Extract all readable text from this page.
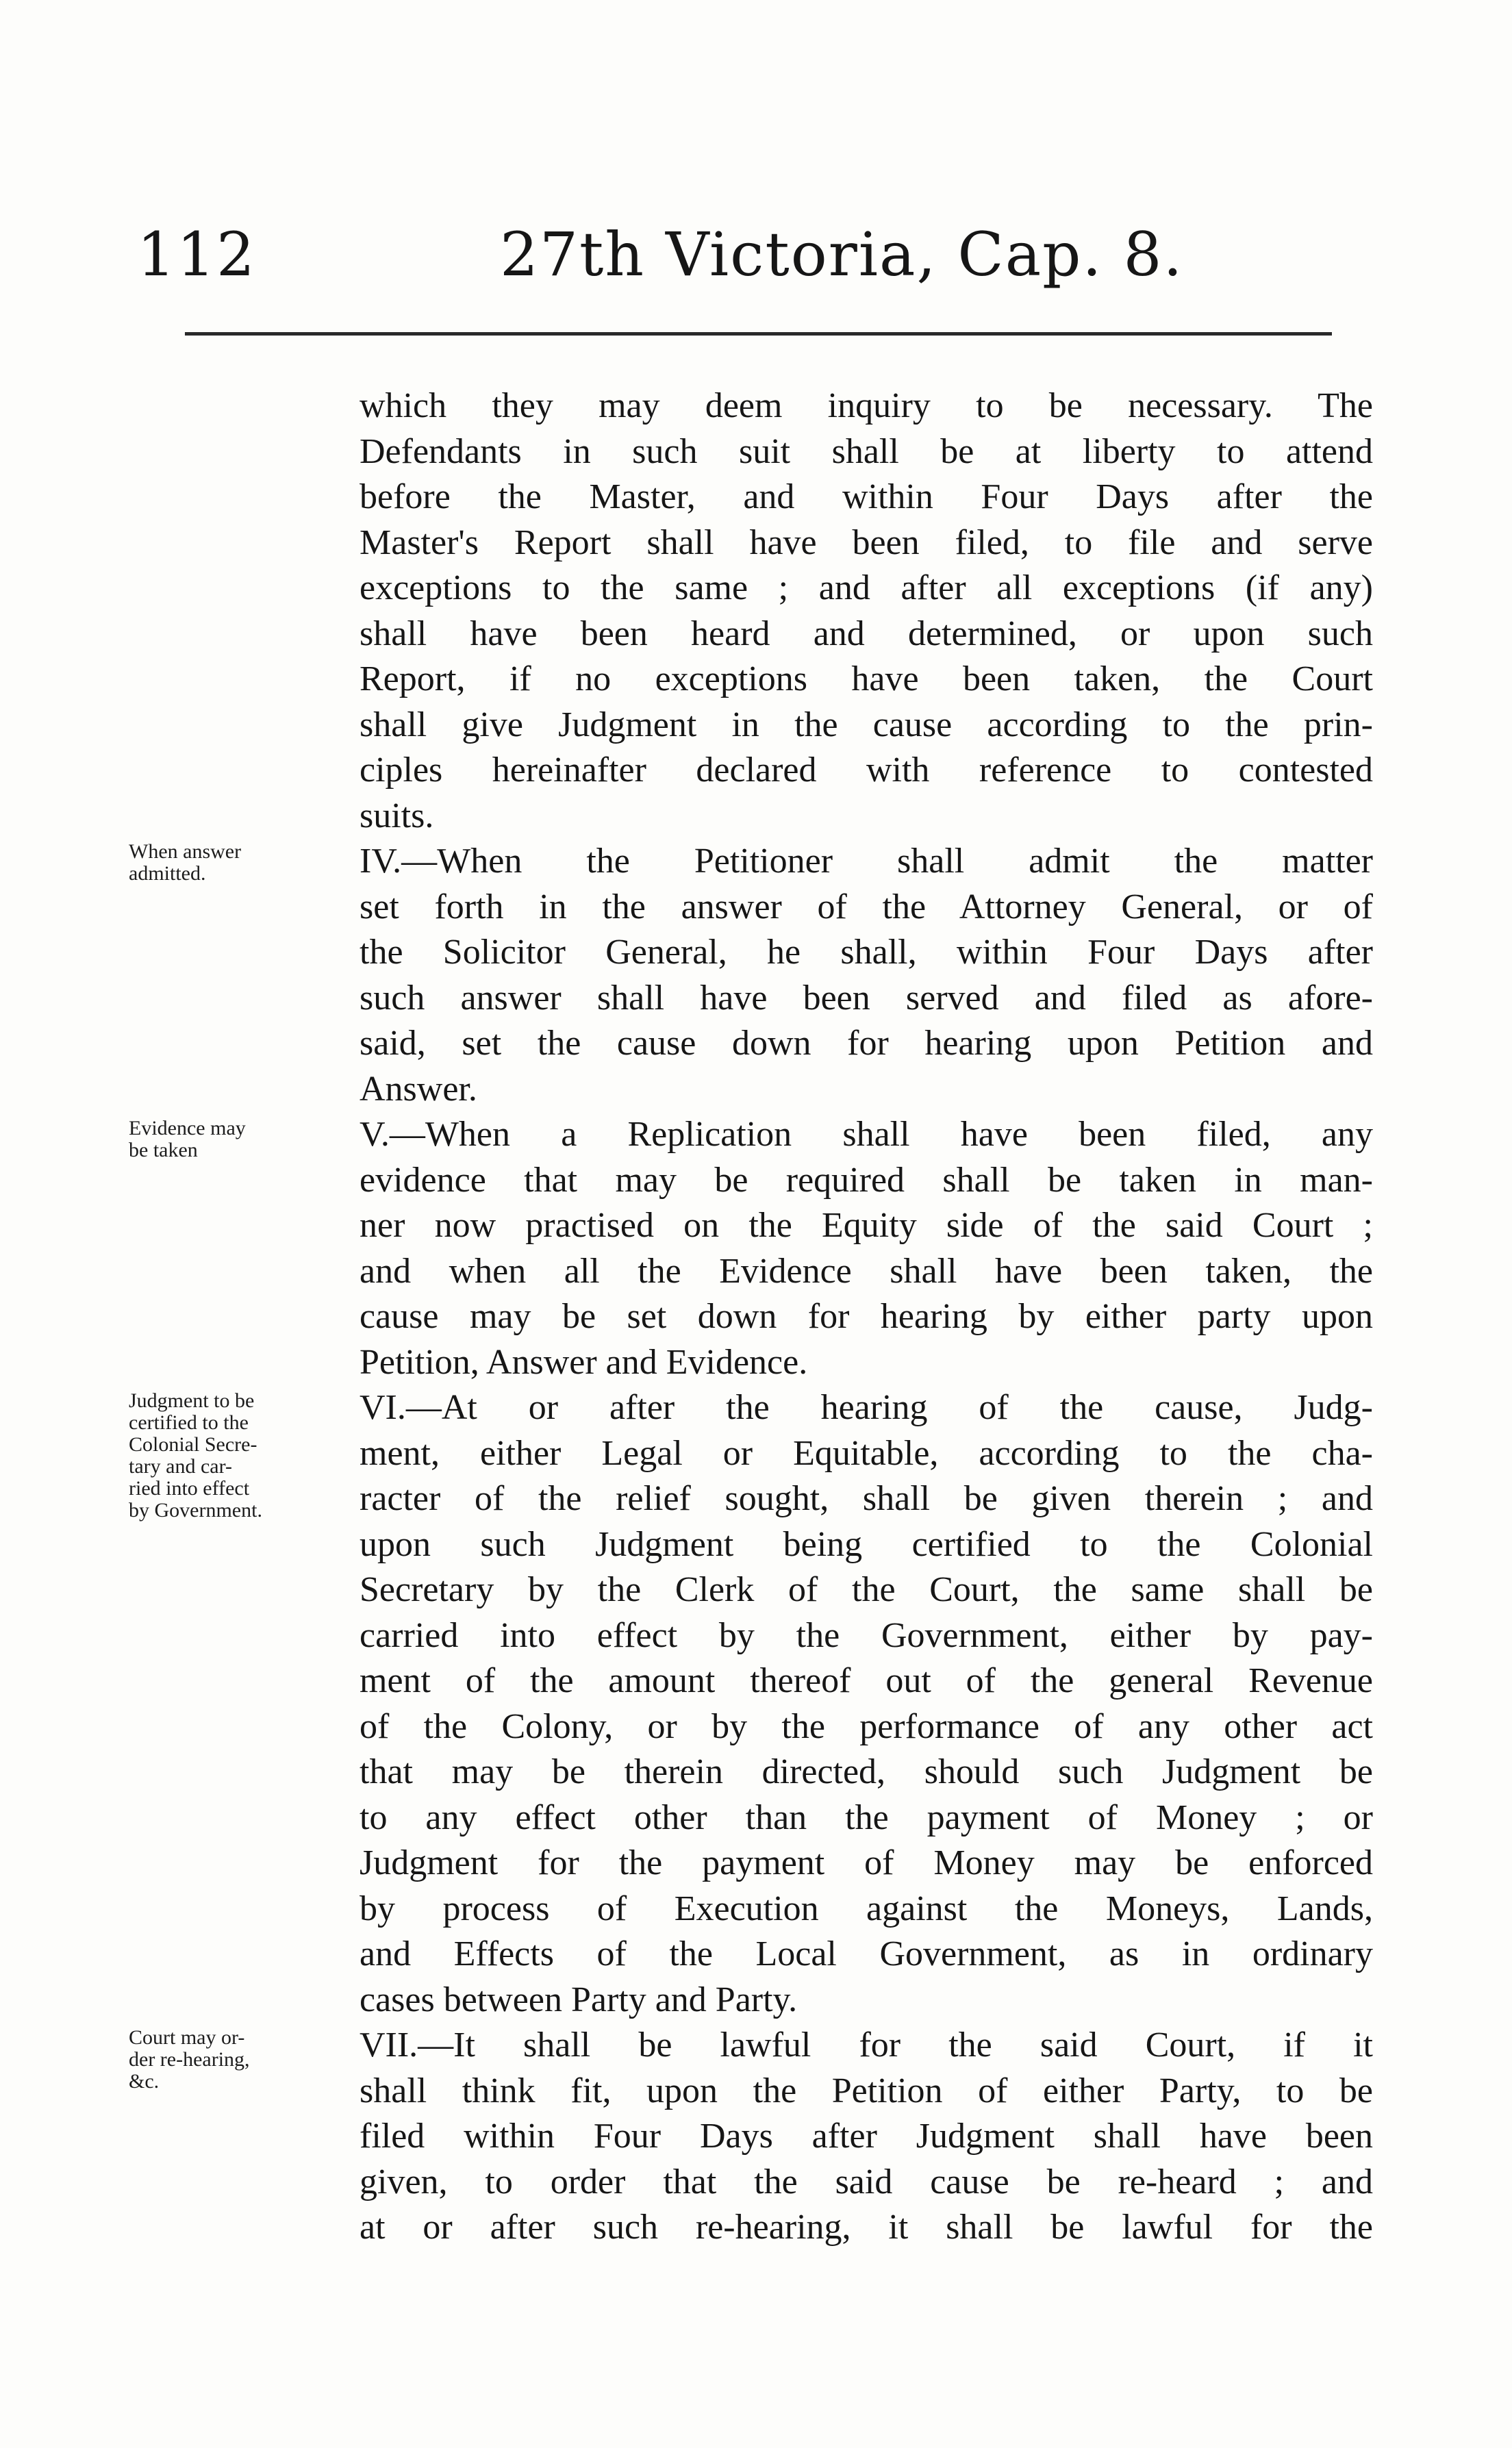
112	27th Victoria, Cap. 8.
When answer
admitted.
Evidence may
be taken
Judgment to be
certified to the
Colonial Secre-
tary and car-
ried into effect
by Government.
Court may or-
der re-hearing,
&c.
which they may deem inquiry to be necessary. The
Defendants in such suit shall be at liberty to attend
before the Master, and within Four Days after the
Master's Report shall have been filed, to file and serve
exceptions to the same ; and after all exceptions (if any)
shall have been heard and determined, or upon such
Report, if no exceptions have been taken, the Court
shall give Judgment in the cause according to the prin-
ciples hereinafter declared with reference to contested
suits.
IV.—When the Petitioner shall admit the matter
set forth in the answer of the Attorney General, or of
the Solicitor General, he shall, within Four Days after
such answer shall have been served and filed as afore-
said, set the cause down for hearing upon Petition and
Answer.
V.—When a Replication shall have been filed, any
evidence that may be required shall be taken in man-
ner now practised on the Equity side of the said Court ;
and when all the Evidence shall have been taken, the
cause may be set down for hearing by either party upon
Petition, Answer and Evidence.
VI.—At or after the hearing of the cause, Judg-
ment, either Legal or Equitable, according to the cha-
racter of the relief sought, shall be given therein ; and
upon such Judgment being certified to the Colonial
Secretary by the Clerk of the Court, the same shall be
carried into effect by the Government, either by pay-
ment of the amount thereof out of the general Revenue
of the Colony, or by the performance of any other act
that may be therein directed, should such Judgment be
to any effect other than the payment of Money ; or
Judgment for the payment of Money may be enforced
by process of Execution against the Moneys, Lands,
and Effects of the Local Government, as in ordinary
cases between Party and Party.
VII.—It shall be lawful for the said Court, if it
shall think fit, upon the Petition of either Party, to be
filed within Four Days after Judgment shall have been
given, to order that the said cause be re-heard ; and
at or after such re-hearing, it shall be lawful for the
